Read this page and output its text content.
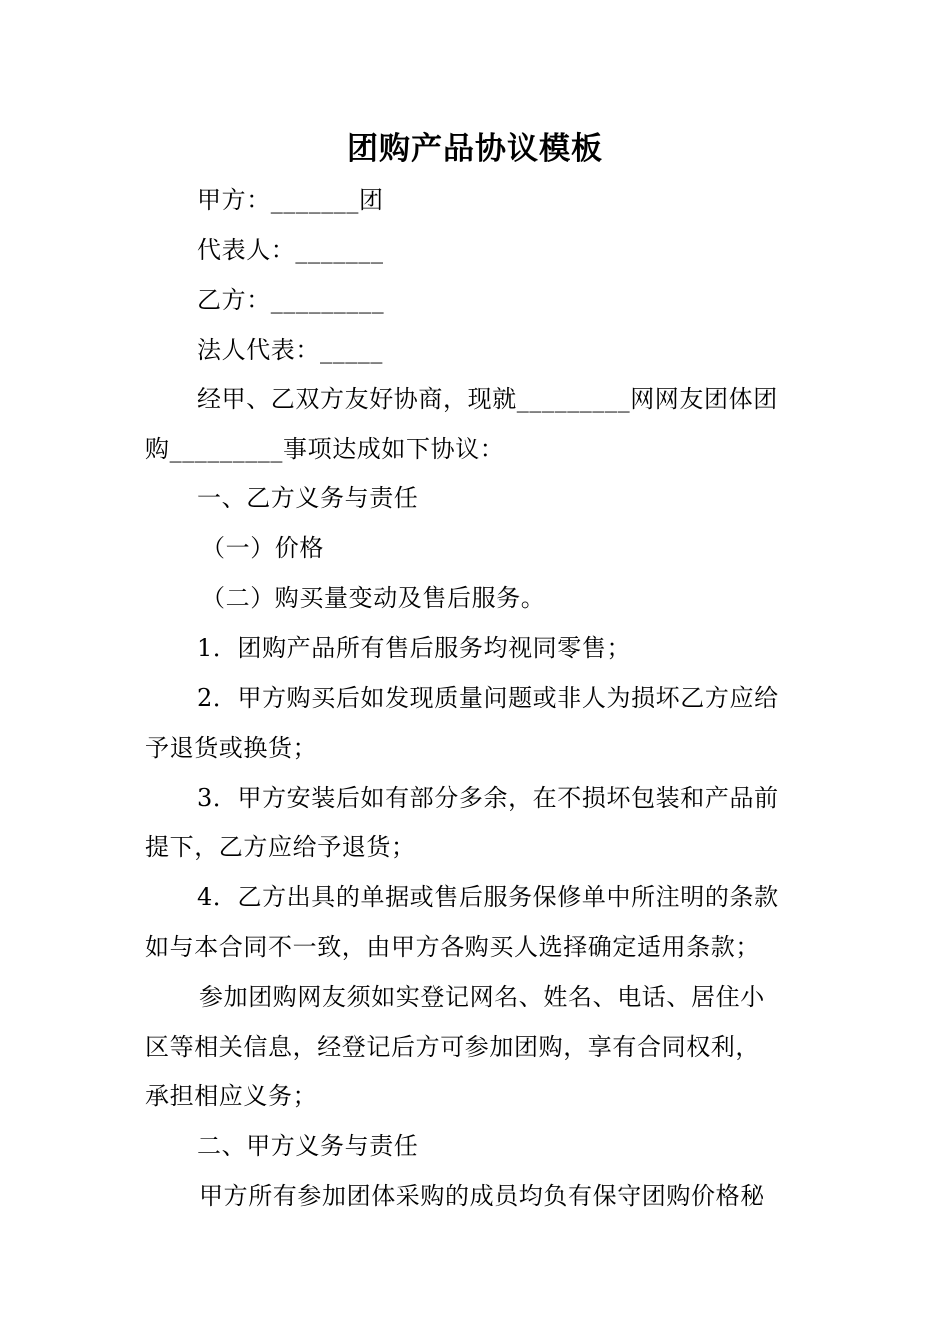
团购产品协议模板

甲方：_______团

代表人：_______

乙方：_________

法人代表：_____

经甲、乙双方友好协商，现就_________网网友团体团

购_________事项达成如下协议：

一、乙方义务与责任

（一）价格

（二）购买量变动及售后服务。

1．团购产品所有售后服务均视同零售；

2．甲方购买后如发现质量问题或非人为损坏乙方应给

予退货或换货；

3．甲方安装后如有部分多余，在不损坏包装和产品前

提下，乙方应给予退货；

4．乙方出具的单据或售后服务保修单中所注明的条款

如与本合同不一致，由甲方各购买人选择确定适用条款；

参加团购网友须如实登记网名、姓名、电话、居住小

区等相关信息，经登记后方可参加团购，享有合同权利，

承担相应义务；

二、甲方义务与责任

甲方所有参加团体采购的成员均负有保守团购价格秘
